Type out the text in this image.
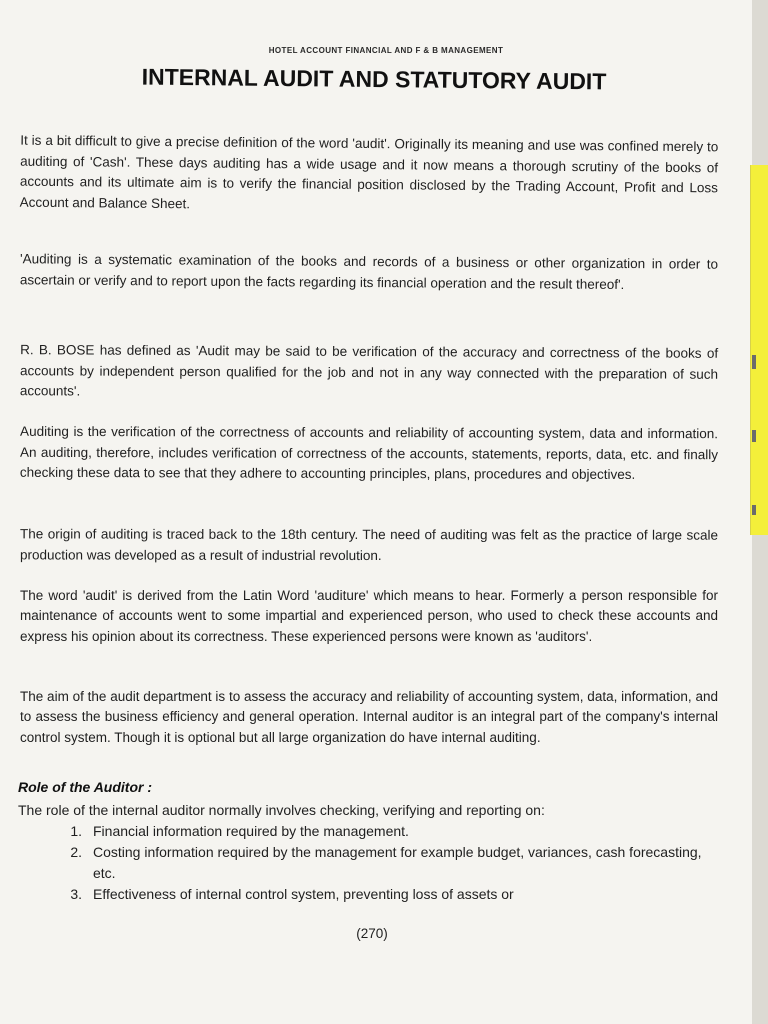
HOTEL ACCOUNT FINANCIAL AND F & B MANAGEMENT
INTERNAL AUDIT AND STATUTORY AUDIT

It is a bit difficult to give a precise definition of the word 'audit'. Originally its meaning and use was confined merely to auditing of 'Cash'. These days auditing has a wide usage and it now means a thorough scrutiny of the books of accounts and its ultimate aim is to verify the financial position disclosed by the Trading Account, Profit and Loss Account and Balance Sheet.

'Auditing is a systematic examination of the books and records of a business or other organization in order to ascertain or verify and to report upon the facts regarding its financial operation and the result thereof'.

R. B. BOSE has defined as 'Audit may be said to be verification of the accuracy and correctness of the books of accounts by independent person qualified for the job and not in any way connected with the preparation of such accounts'.

Auditing is the verification of the correctness of accounts and reliability of accounting system, data and information. An auditing, therefore, includes verification of correctness of the accounts, statements, reports, data, etc. and finally checking these data to see that they adhere to accounting principles, plans, procedures and objectives.

The origin of auditing is traced back to the 18th century. The need of auditing was felt as the practice of large scale production was developed as a result of industrial revolution.

The word 'audit' is derived from the Latin Word 'auditure' which means to hear. Formerly a person responsible for maintenance of accounts went to some impartial and experienced person, who used to check these accounts and express his opinion about its correctness. These experienced persons were known as 'auditors'.

The aim of the audit department is to assess the accuracy and reliability of accounting system, data, information, and to assess the business efficiency and general operation. Internal auditor is an integral part of the company's internal control system. Though it is optional but all large organization do have internal auditing.

Role of the Auditor :
The role of the internal auditor normally involves checking, verifying and reporting on:
1. Financial information required by the management.
2. Costing information required by the management for example budget, variances, cash forecasting, etc.
3. Effectiveness of internal control system, preventing loss of assets or
(270)
